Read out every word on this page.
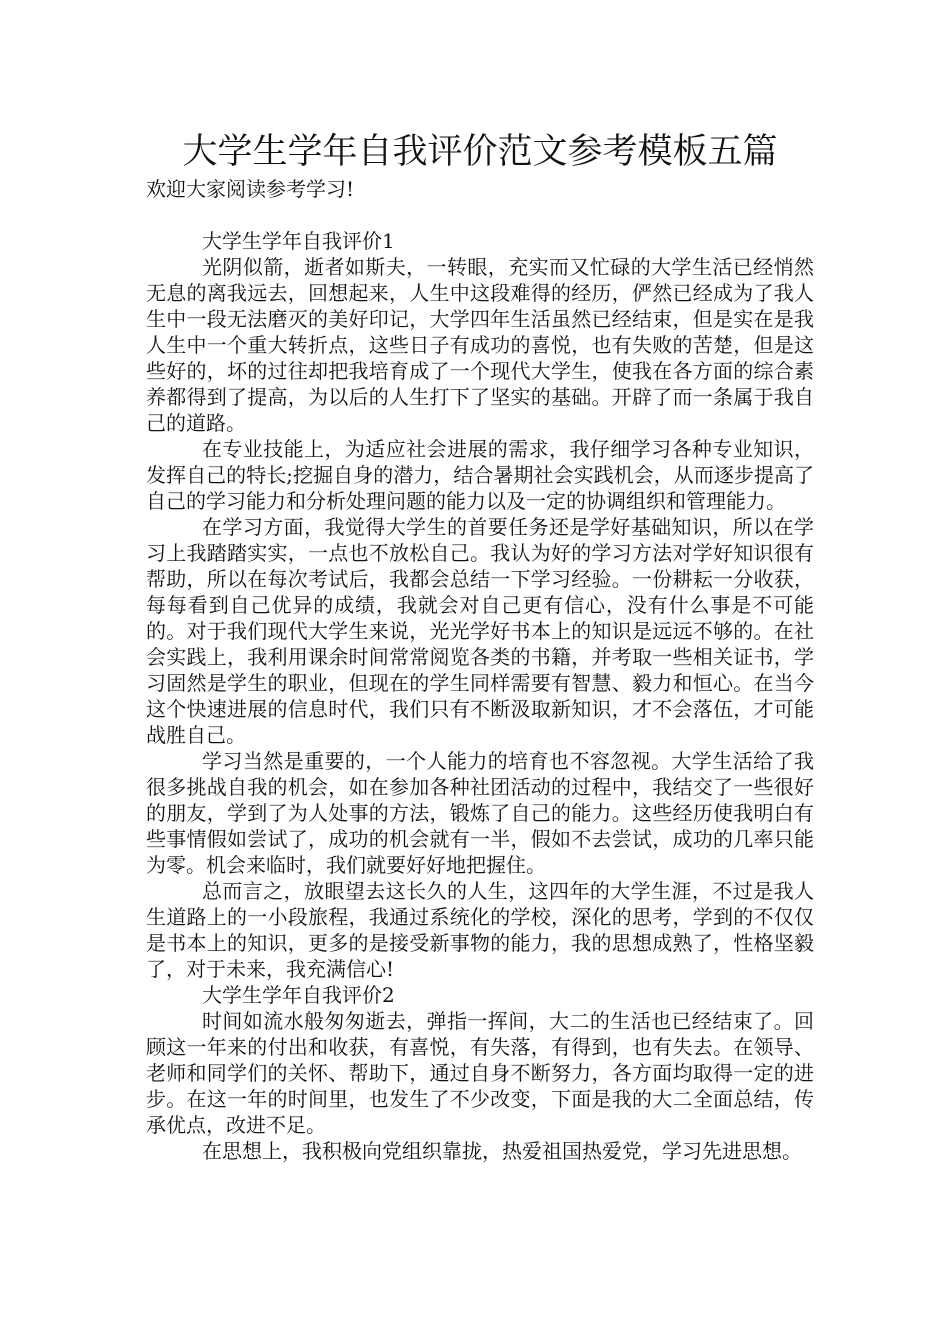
大学生学年自我评价范文参考模板五篇

欢迎大家阅读参考学习!

大学生学年自我评价1

光阴似箭，逝者如斯夫，一转眼，充实而又忙碌的大学生活已经悄然无息的离我远去，回想起来，人生中这段难得的经历，俨然已经成为了我人生中一段无法磨灭的美好印记，大学四年生活虽然已经结束，但是实在是我人生中一个重大转折点，这些日子有成功的喜悦，也有失败的苦楚，但是这些好的，坏的过往却把我培育成了一个现代大学生，使我在各方面的综合素养都得到了提高，为以后的人生打下了坚实的基础。开辟了而一条属于我自己的道路。

在专业技能上，为适应社会进展的需求，我仔细学习各种专业知识，发挥自己的特长;挖掘自身的潜力，结合暑期社会实践机会，从而逐步提高了自己的学习能力和分析处理问题的能力以及一定的协调组织和管理能力。

在学习方面，我觉得大学生的首要任务还是学好基础知识，所以在学习上我踏踏实实，一点也不放松自己。我认为好的学习方法对学好知识很有帮助，所以在每次考试后，我都会总结一下学习经验。一份耕耘一分收获，每每看到自己优异的成绩，我就会对自己更有信心，没有什么事是不可能的。对于我们现代大学生来说，光光学好书本上的知识是远远不够的。在社会实践上，我利用课余时间常常阅览各类的书籍，并考取一些相关证书，学习固然是学生的职业，但现在的学生同样需要有智慧、毅力和恒心。在当今这个快速进展的信息时代，我们只有不断汲取新知识，才不会落伍，才可能战胜自己。

学习当然是重要的，一个人能力的培育也不容忽视。大学生活给了我很多挑战自我的机会，如在参加各种社团活动的过程中，我结交了一些很好的朋友，学到了为人处事的方法，锻炼了自己的能力。这些经历使我明白有些事情假如尝试了，成功的机会就有一半，假如不去尝试，成功的几率只能为零。机会来临时，我们就要好好地把握住。

总而言之，放眼望去这长久的人生，这四年的大学生涯，不过是我人生道路上的一小段旅程，我通过系统化的学校，深化的思考，学到的不仅仅是书本上的知识，更多的是接受新事物的能力，我的思想成熟了，性格坚毅了，对于未来，我充满信心!

大学生学年自我评价2

时间如流水般匆匆逝去，弹指一挥间，大二的生活也已经结束了。回顾这一年来的付出和收获，有喜悦，有失落，有得到，也有失去。在领导、老师和同学们的关怀、帮助下，通过自身不断努力，各方面均取得一定的进步。在这一年的时间里，也发生了不少改变，下面是我的大二全面总结，传承优点，改进不足。

在思想上，我积极向党组织靠拢，热爱祖国热爱党，学习先进思想。
